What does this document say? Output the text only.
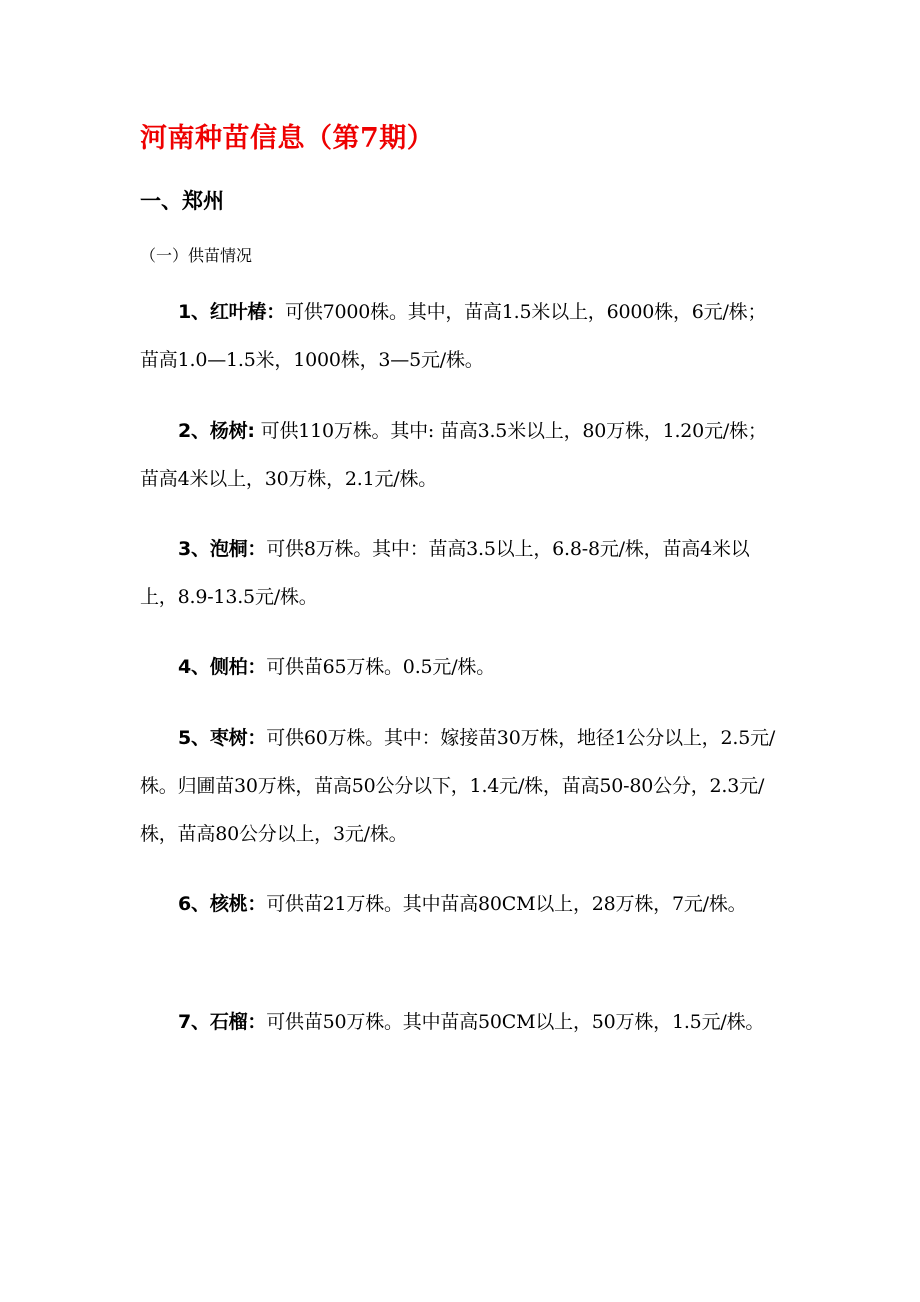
河南种苗信息（第7期）
一、郑州
（一）供苗情况

1、红叶椿：可供7000株。其中，苗高1.5米以上，6000株，6元/株；苗高1.0—1.5米，1000株，3—5元/株。

2、杨树: 可供110万株。其中: 苗高3.5米以上，80万株，1.20元/株；苗高4米以上，30万株，2.1元/株。

3、泡桐：可供8万株。其中：苗高3.5以上，6.8-8元/株，苗高4米以上，8.9-13.5元/株。

4、侧柏：可供苗65万株。0.5元/株。

5、枣树：可供60万株。其中：嫁接苗30万株，地径1公分以上，2.5元/株。归圃苗30万株，苗高50公分以下，1.4元/株，苗高50-80公分，2.3元/株，苗高80公分以上，3元/株。

6、核桃：可供苗21万株。其中苗高80CM以上，28万株，7元/株。

7、石榴：可供苗50万株。其中苗高50CM以上，50万株，1.5元/株。
